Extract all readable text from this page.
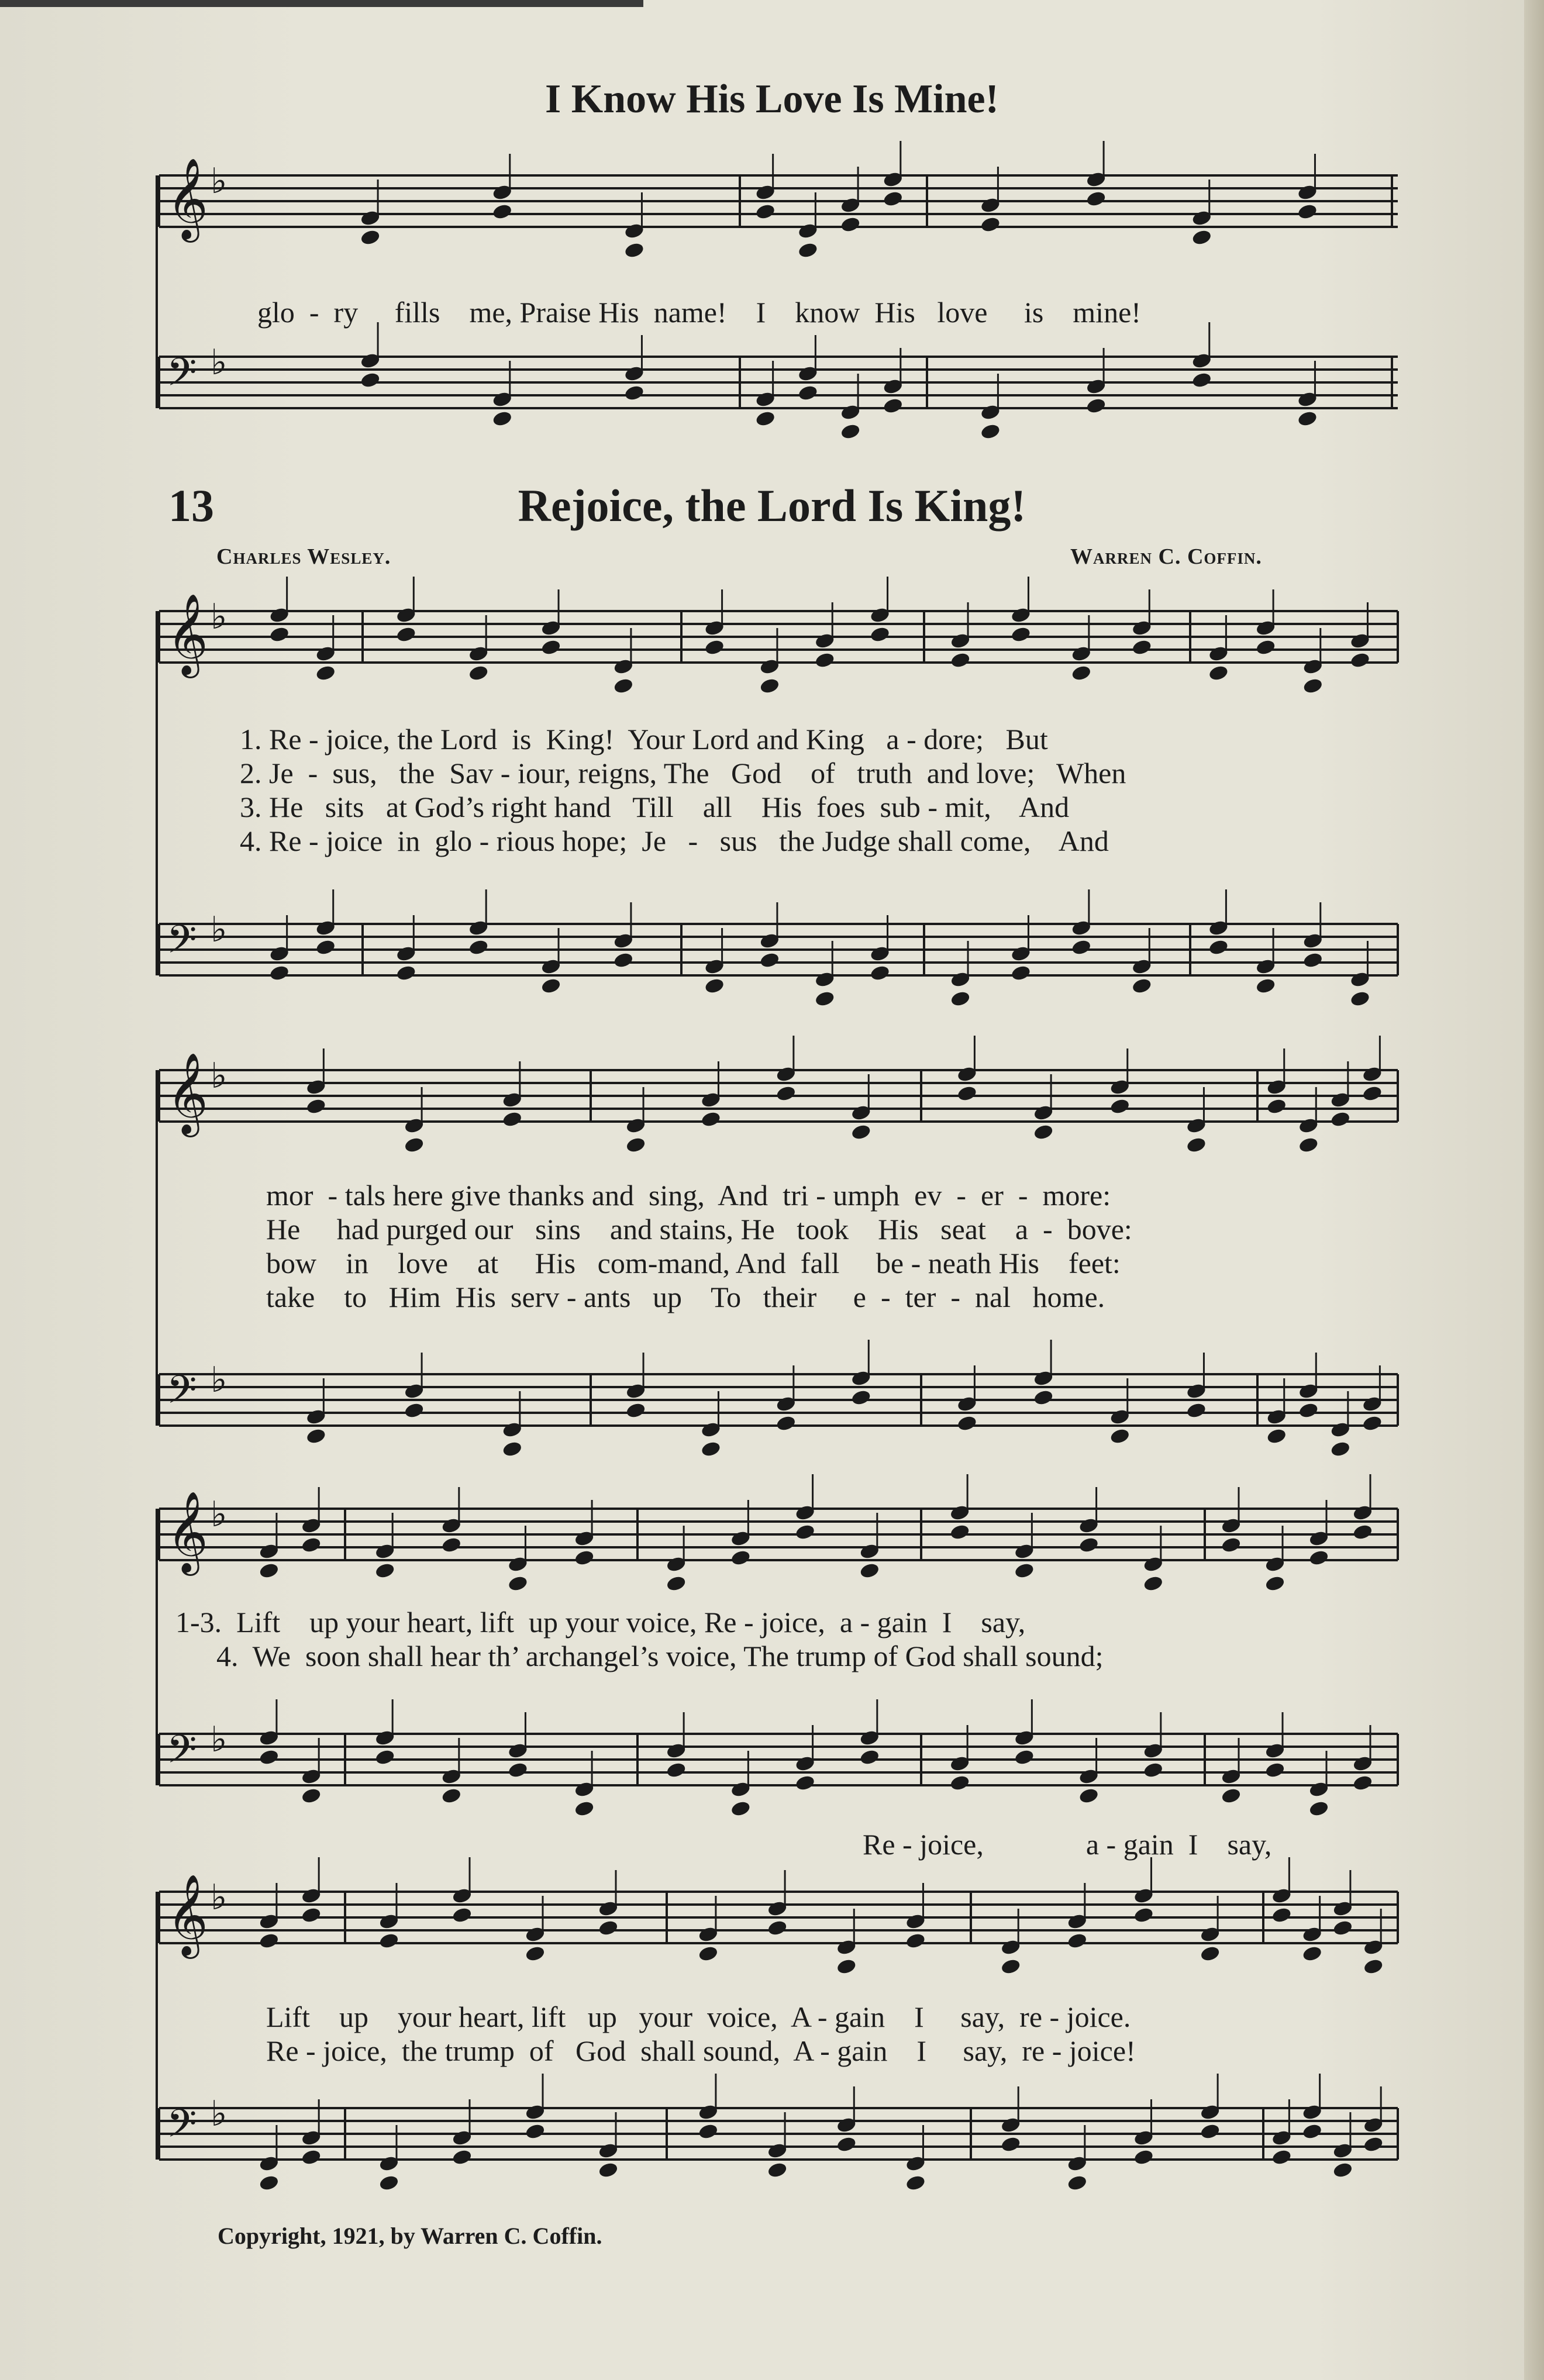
I Know His Love Is Mine!
glo  -  ry     fills    me, Praise His  name!    I    know  His   love     is    mine!
13	Rejoice, the Lord Is King!
Charles Wesley.	Warren C. Coffin.
1. Re - joice, the Lord  is  King!  Your Lord and King   a - dore;   But
2. Je  -  sus,   the  Sav - iour, reigns, The   God    of   truth  and love;   When
3. He   sits   at God’s right hand   Till    all    His  foes  sub - mit,    And
4. Re - joice  in  glo - rious hope;  Je   -   sus   the Judge shall come,    And
mor  - tals here give thanks and  sing,  And  tri - umph  ev  -  er  -  more:
He     had purged our   sins    and stains, He   took    His   seat    a  -  bove:
bow    in    love    at     His   com-mand, And  fall     be - neath His    feet:
take    to   Him  His  serv - ants   up    To   their     e  -  ter  -  nal   home.
1-3.  Lift    up your heart, lift  up your voice, Re - joice,  a - gain  I    say,
4.  We  soon shall hear th’ archangel’s voice, The trump of God shall sound;
Re - joice,              a - gain  I    say,
Lift    up    your heart, lift   up   your  voice,  A - gain    I     say,  re - joice.
Re - joice,  the trump  of   God  shall sound,  A - gain    I     say,  re - joice!
Copyright, 1921, by Warren C. Coffin.
𝄞 ♭
𝄢 ♭
𝄞 ♭
𝄢 ♭
𝄞 ♭
𝄢 ♭
𝄞 ♭
𝄢 ♭
𝄞 ♭
𝄢 ♭
